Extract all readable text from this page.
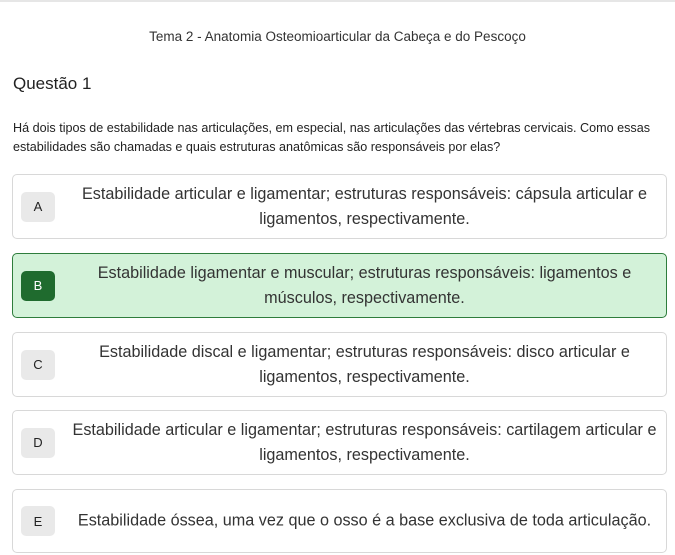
Tema 2 - Anatomia Osteomioarticular da Cabeça e do Pescoço
Questão 1
Há dois tipos de estabilidade nas articulações, em especial, nas articulações das vértebras cervicais. Como essas estabilidades são chamadas e quais estruturas anatômicas são responsáveis por elas?
A
Estabilidade articular e ligamentar; estruturas responsáveis: cápsula articular e ligamentos, respectivamente.
B
Estabilidade ligamentar e muscular; estruturas responsáveis: ligamentos e músculos, respectivamente.
C
Estabilidade discal e ligamentar; estruturas responsáveis: disco articular e ligamentos, respectivamente.
D
Estabilidade articular e ligamentar; estruturas responsáveis: cartilagem articular e ligamentos, respectivamente.
E	Estabilidade óssea, uma vez que o osso é a base exclusiva de toda articulação.
